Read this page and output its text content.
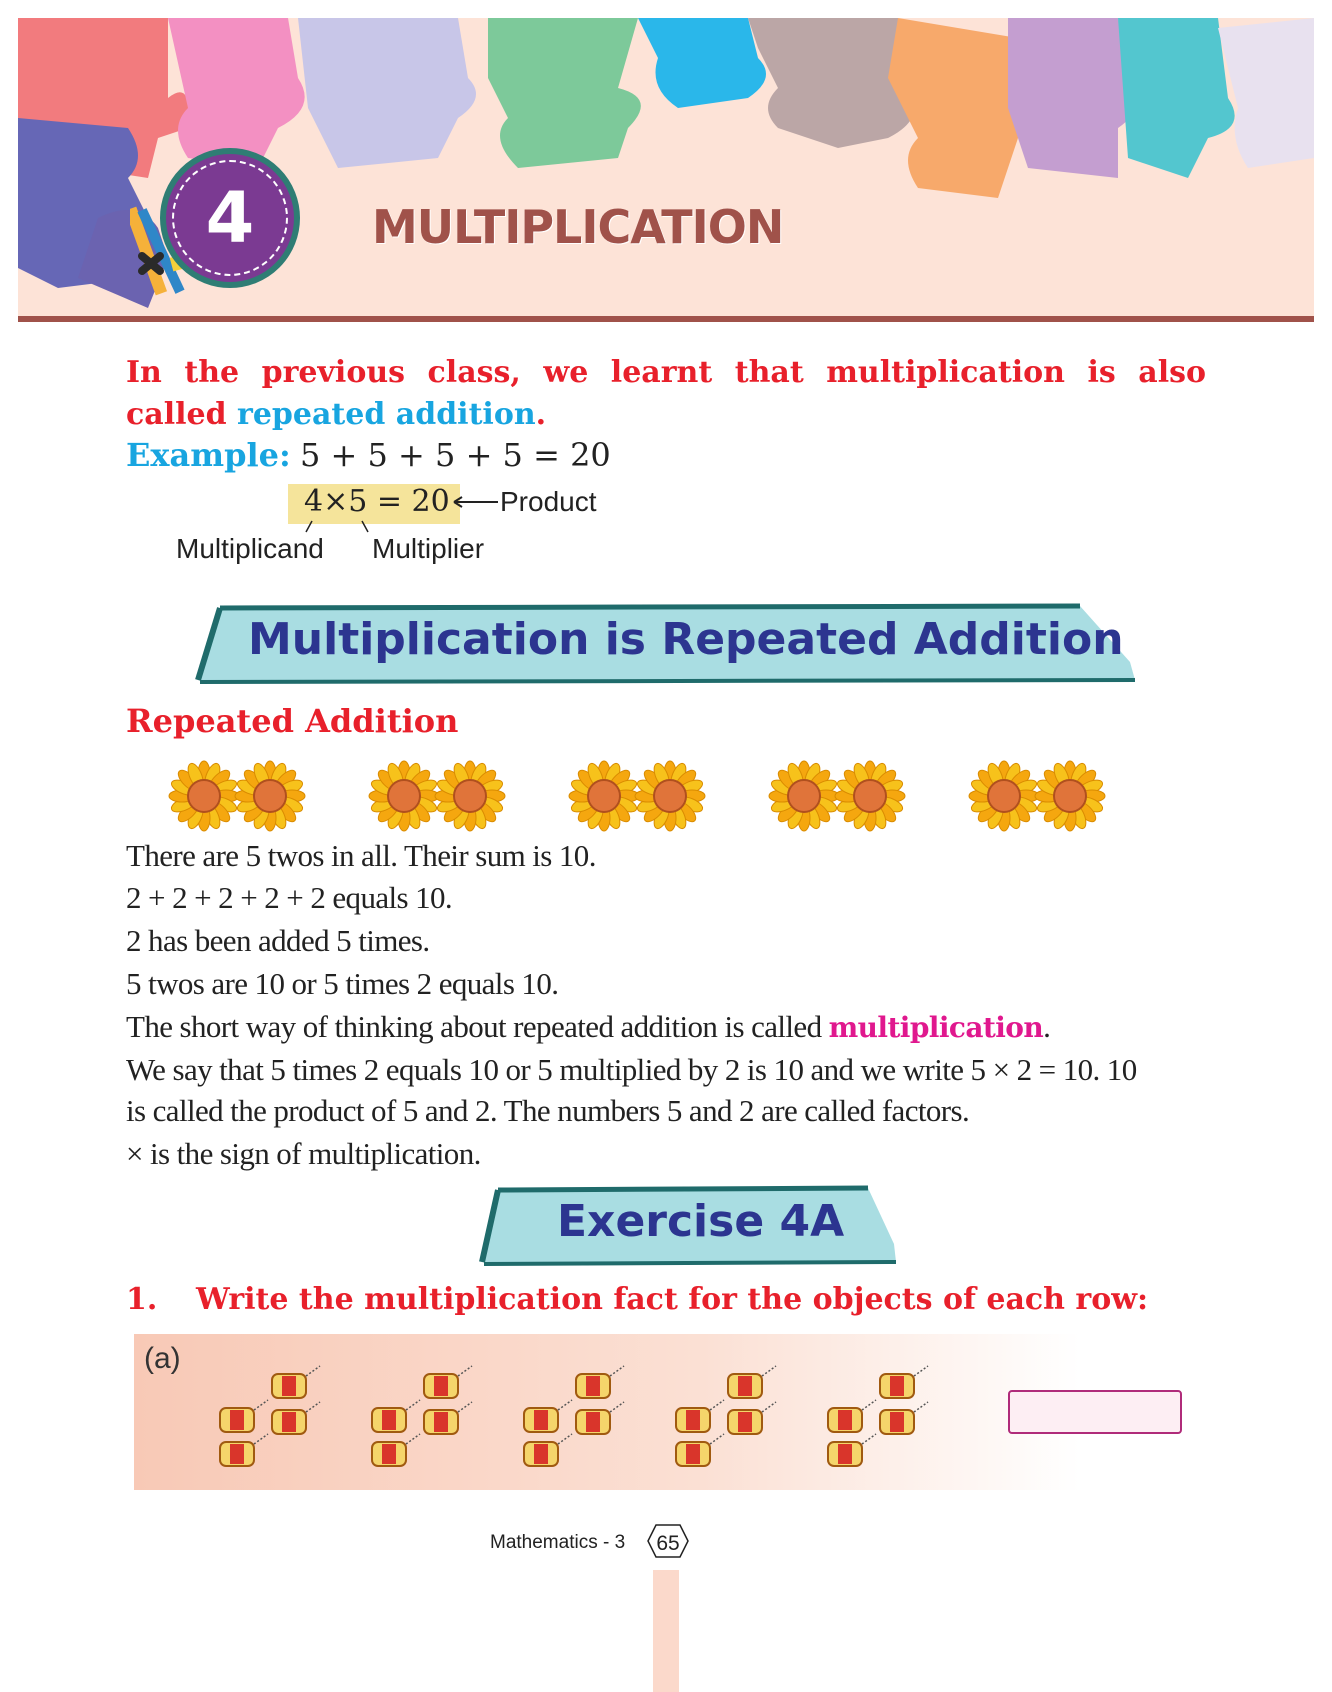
4	MULTIPLICATION
In the previous class, we learnt that multiplication is also called repeated addition.
Example: 5 + 5 + 5 + 5 = 20
4×5 = 20 Product
Multiplicand Multiplier
Multiplication is Repeated Addition
Repeated Addition
There are 5 twos in all. Their sum is 10.
2 + 2 + 2 + 2 + 2 equals 10.
2 has been added 5 times.
5 twos are 10 or 5 times 2 equals 10.
The short way of thinking about repeated addition is called multiplication.
We say that 5 times 2 equals 10 or 5 multiplied by 2 is 10 and we write 5 × 2 = 10. 10
is called the product of 5 and 2. The numbers 5 and 2 are called factors.
× is the sign of multiplication.
Exercise 4A
1. Write the multiplication fact for the objects of each row:
(a)
Mathematics - 3	65
